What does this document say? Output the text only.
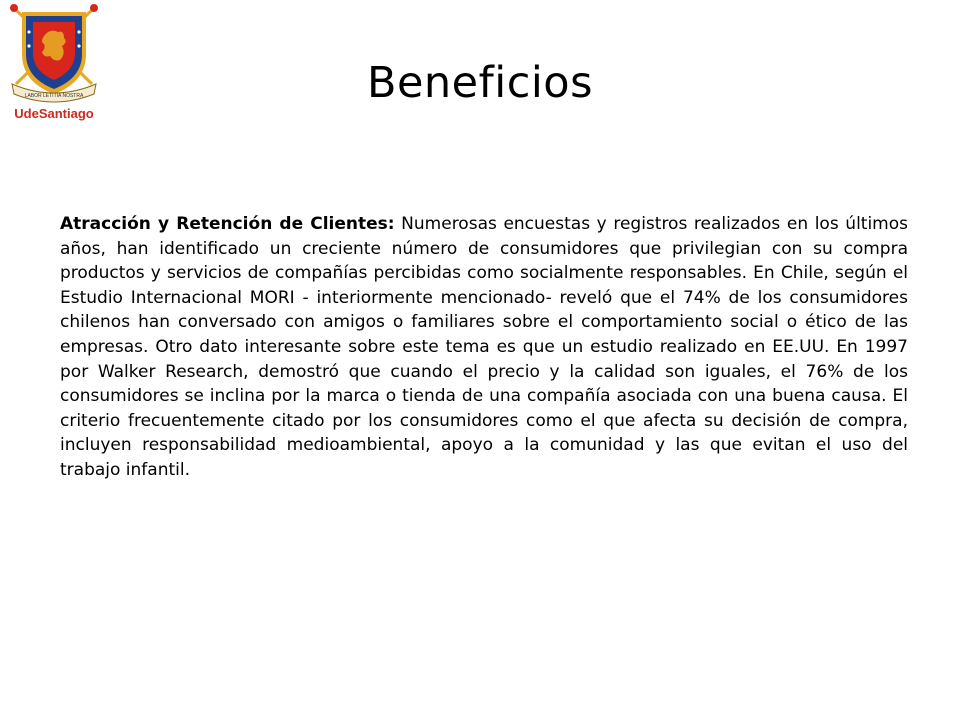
LABOR LETITIA NOSTRA
UdeSantiago
Beneficios

Atracción y Retención de Clientes: Numerosas encuestas y registros realizados en los últimos años, han identificado un creciente número de consumidores que privilegian con su compra productos y servicios de compañías percibidas como socialmente responsables. En Chile, según el Estudio Internacional MORI - interiormente mencionado- reveló que el 74% de los consumidores chilenos han conversado con amigos o familiares sobre el comportamiento social o ético de las empresas. Otro dato interesante sobre este tema es que un estudio realizado en EE.UU. En 1997 por Walker Research, demostró que cuando el precio y la calidad son iguales, el 76% de los consumidores se inclina por la marca o tienda de una compañía asociada con una buena causa. El criterio frecuentemente citado por los consumidores como el que afecta su decisión de compra, incluyen responsabilidad medioambiental, apoyo a la comunidad y las que evitan el uso del trabajo infantil.
